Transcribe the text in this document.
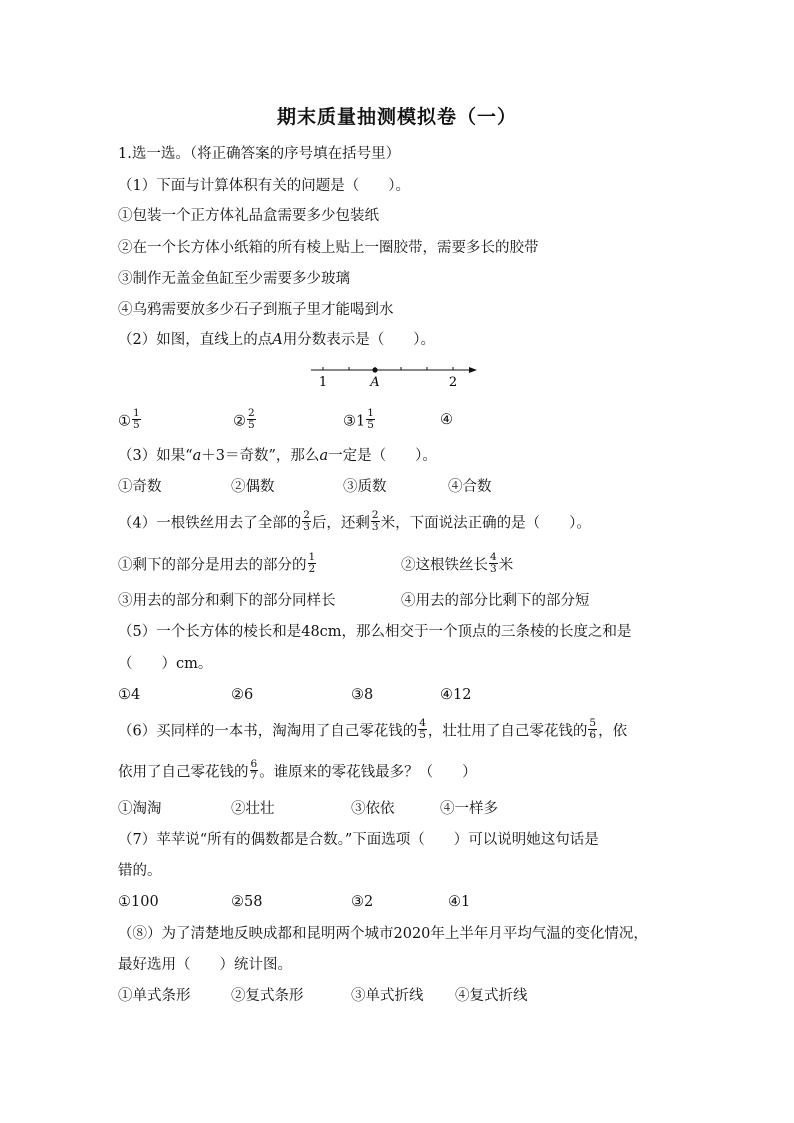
期末质量抽测模拟卷（一）
1.选一选。（将正确答案的序号填在括号里）
（1）下面与计算体积有关的问题是（　　）。
①包装一个正方体礼品盒需要多少包装纸
②在一个长方体小纸箱的所有棱上贴上一圈胶带，需要多长的胶带
③制作无盖金鱼缸至少需要多少玻璃
④乌鸦需要放多少石子到瓶子里才能喝到水
（2）如图，直线上的点A用分数表示是（　　）。
1	A	2
① $\frac{1}{5}$	② $\frac{2}{5}$	③1 $\frac{1}{5}$	④
（3）如果“a＋3＝奇数”，那么a一定是（　　）。
①奇数	②偶数	③质数	④合数
（4）一根铁丝用去了全部的 $\frac{2}{3}$ 后，还剩 $\frac{2}{3}$ 米，下面说法正确的是（　　）。
①剩下的部分是用去的部分的 $\frac{1}{2}$	②这根铁丝长 $\frac{4}{3}$ 米
③用去的部分和剩下的部分同样长	④用去的部分比剩下的部分短
（5）一个长方体的棱长和是48cm，那么相交于一个顶点的三条棱的长度之和是
（　　）cm。
①4	②6	③8	④12
（6）买同样的一本书，淘淘用了自己零花钱的 $\frac{4}{5}$ ，壮壮用了自己零花钱的 $\frac{5}{6}$ ，依
依用了自己零花钱的 $\frac{6}{7}$ 。谁原来的零花钱最多？（　　）
①淘淘	②壮壮	③依依	④一样多
（7）苹苹说“所有的偶数都是合数。”下面选项（　　）可以说明她这句话是
错的。
①100	②58	③2	④1
（⑧）为了清楚地反映成都和昆明两个城市2020年上半年月平均气温的变化情况，
最好选用（　　）统计图。
①单式条形	②复式条形	③单式折线 ④复式折线
